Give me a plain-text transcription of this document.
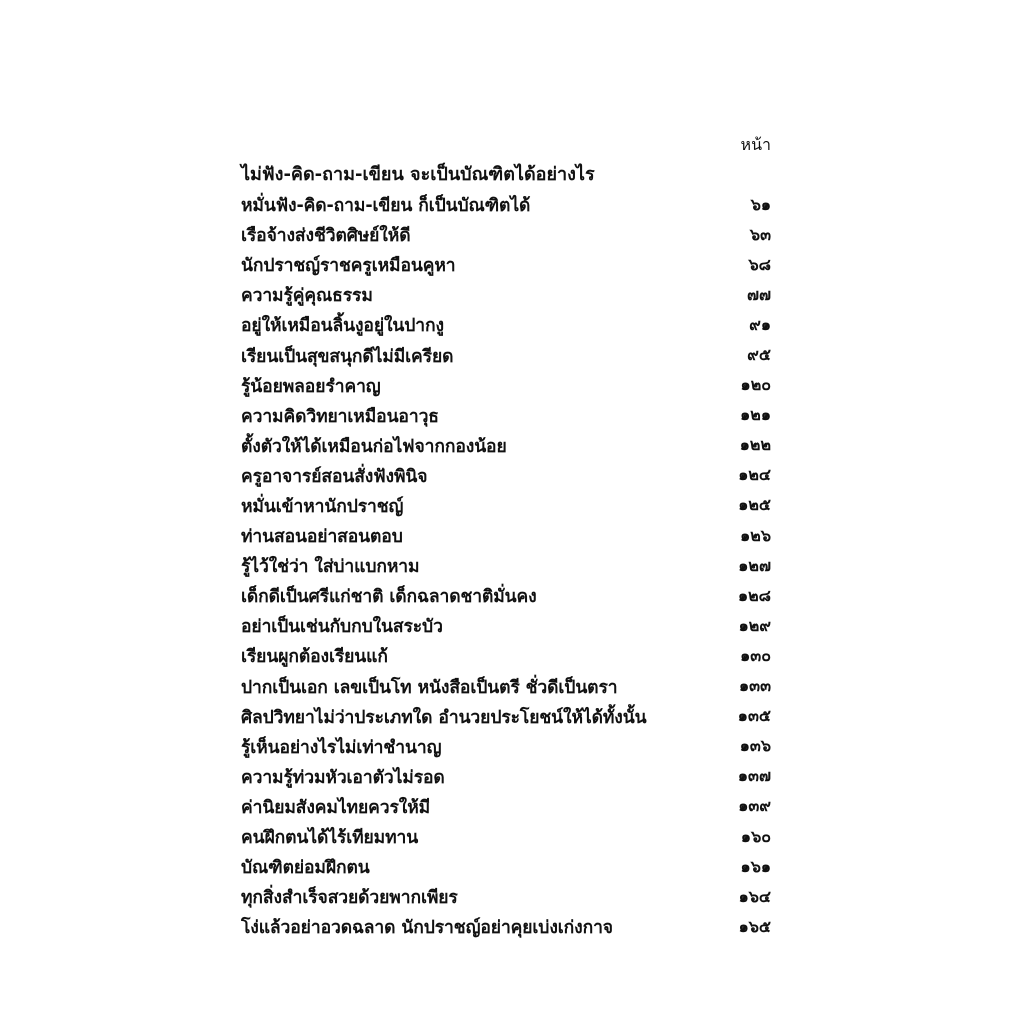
หน้า
ไม่ฟัง-คิด-ถาม-เขียน จะเป็นบัณฑิตได้อย่างไร
หมั่นฟัง-คิด-ถาม-เขียน ก็เป็นบัณฑิตได้	๖๑
เรือจ้างส่งชีวิตศิษย์ให้ดี	๖๓
นักปราชญ์ราชครูเหมือนคูหา	๖๘
ความรู้คู่คุณธรรม	๗๗
อยู่ให้เหมือนลิ้นงูอยู่ในปากงู	๙๑
เรียนเป็นสุขสนุกดีไม่มีเครียด	๙๕
รู้น้อยพลอยรำคาญ	๑๒๐
ความคิดวิทยาเหมือนอาวุธ	๑๒๑
ตั้งตัวให้ได้เหมือนก่อไฟจากกองน้อย	๑๒๒
ครูอาจารย์สอนสั่งฟังพินิจ	๑๒๔
หมั่นเข้าหานักปราชญ์	๑๒๕
ท่านสอนอย่าสอนตอบ	๑๒๖
รู้ไว้ใช่ว่า ใส่บ่าแบกหาม	๑๒๗
เด็กดีเป็นศรีแก่ชาติ เด็กฉลาดชาติมั่นคง	๑๒๘
อย่าเป็นเช่นกับกบในสระบัว	๑๒๙
เรียนผูกต้องเรียนแก้	๑๓๐
ปากเป็นเอก เลขเป็นโท หนังสือเป็นตรี ชั่วดีเป็นตรา	๑๓๓
ศิลปวิทยาไม่ว่าประเภทใด อำนวยประโยชน์ให้ได้ทั้งนั้น	๑๓๕
รู้เห็นอย่างไรไม่เท่าชำนาญ	๑๓๖
ความรู้ท่วมหัวเอาตัวไม่รอด	๑๓๗
ค่านิยมสังคมไทยควรให้มี	๑๓๙
คนฝึกตนได้ไร้เทียมทาน	๑๖๐
บัณฑิตย่อมฝึกตน	๑๖๑
ทุกสิ่งสำเร็จสวยด้วยพากเพียร	๑๖๔
โง่แล้วอย่าอวดฉลาด นักปราชญ์อย่าคุยเบ่งเก่งกาจ	๑๖๕
